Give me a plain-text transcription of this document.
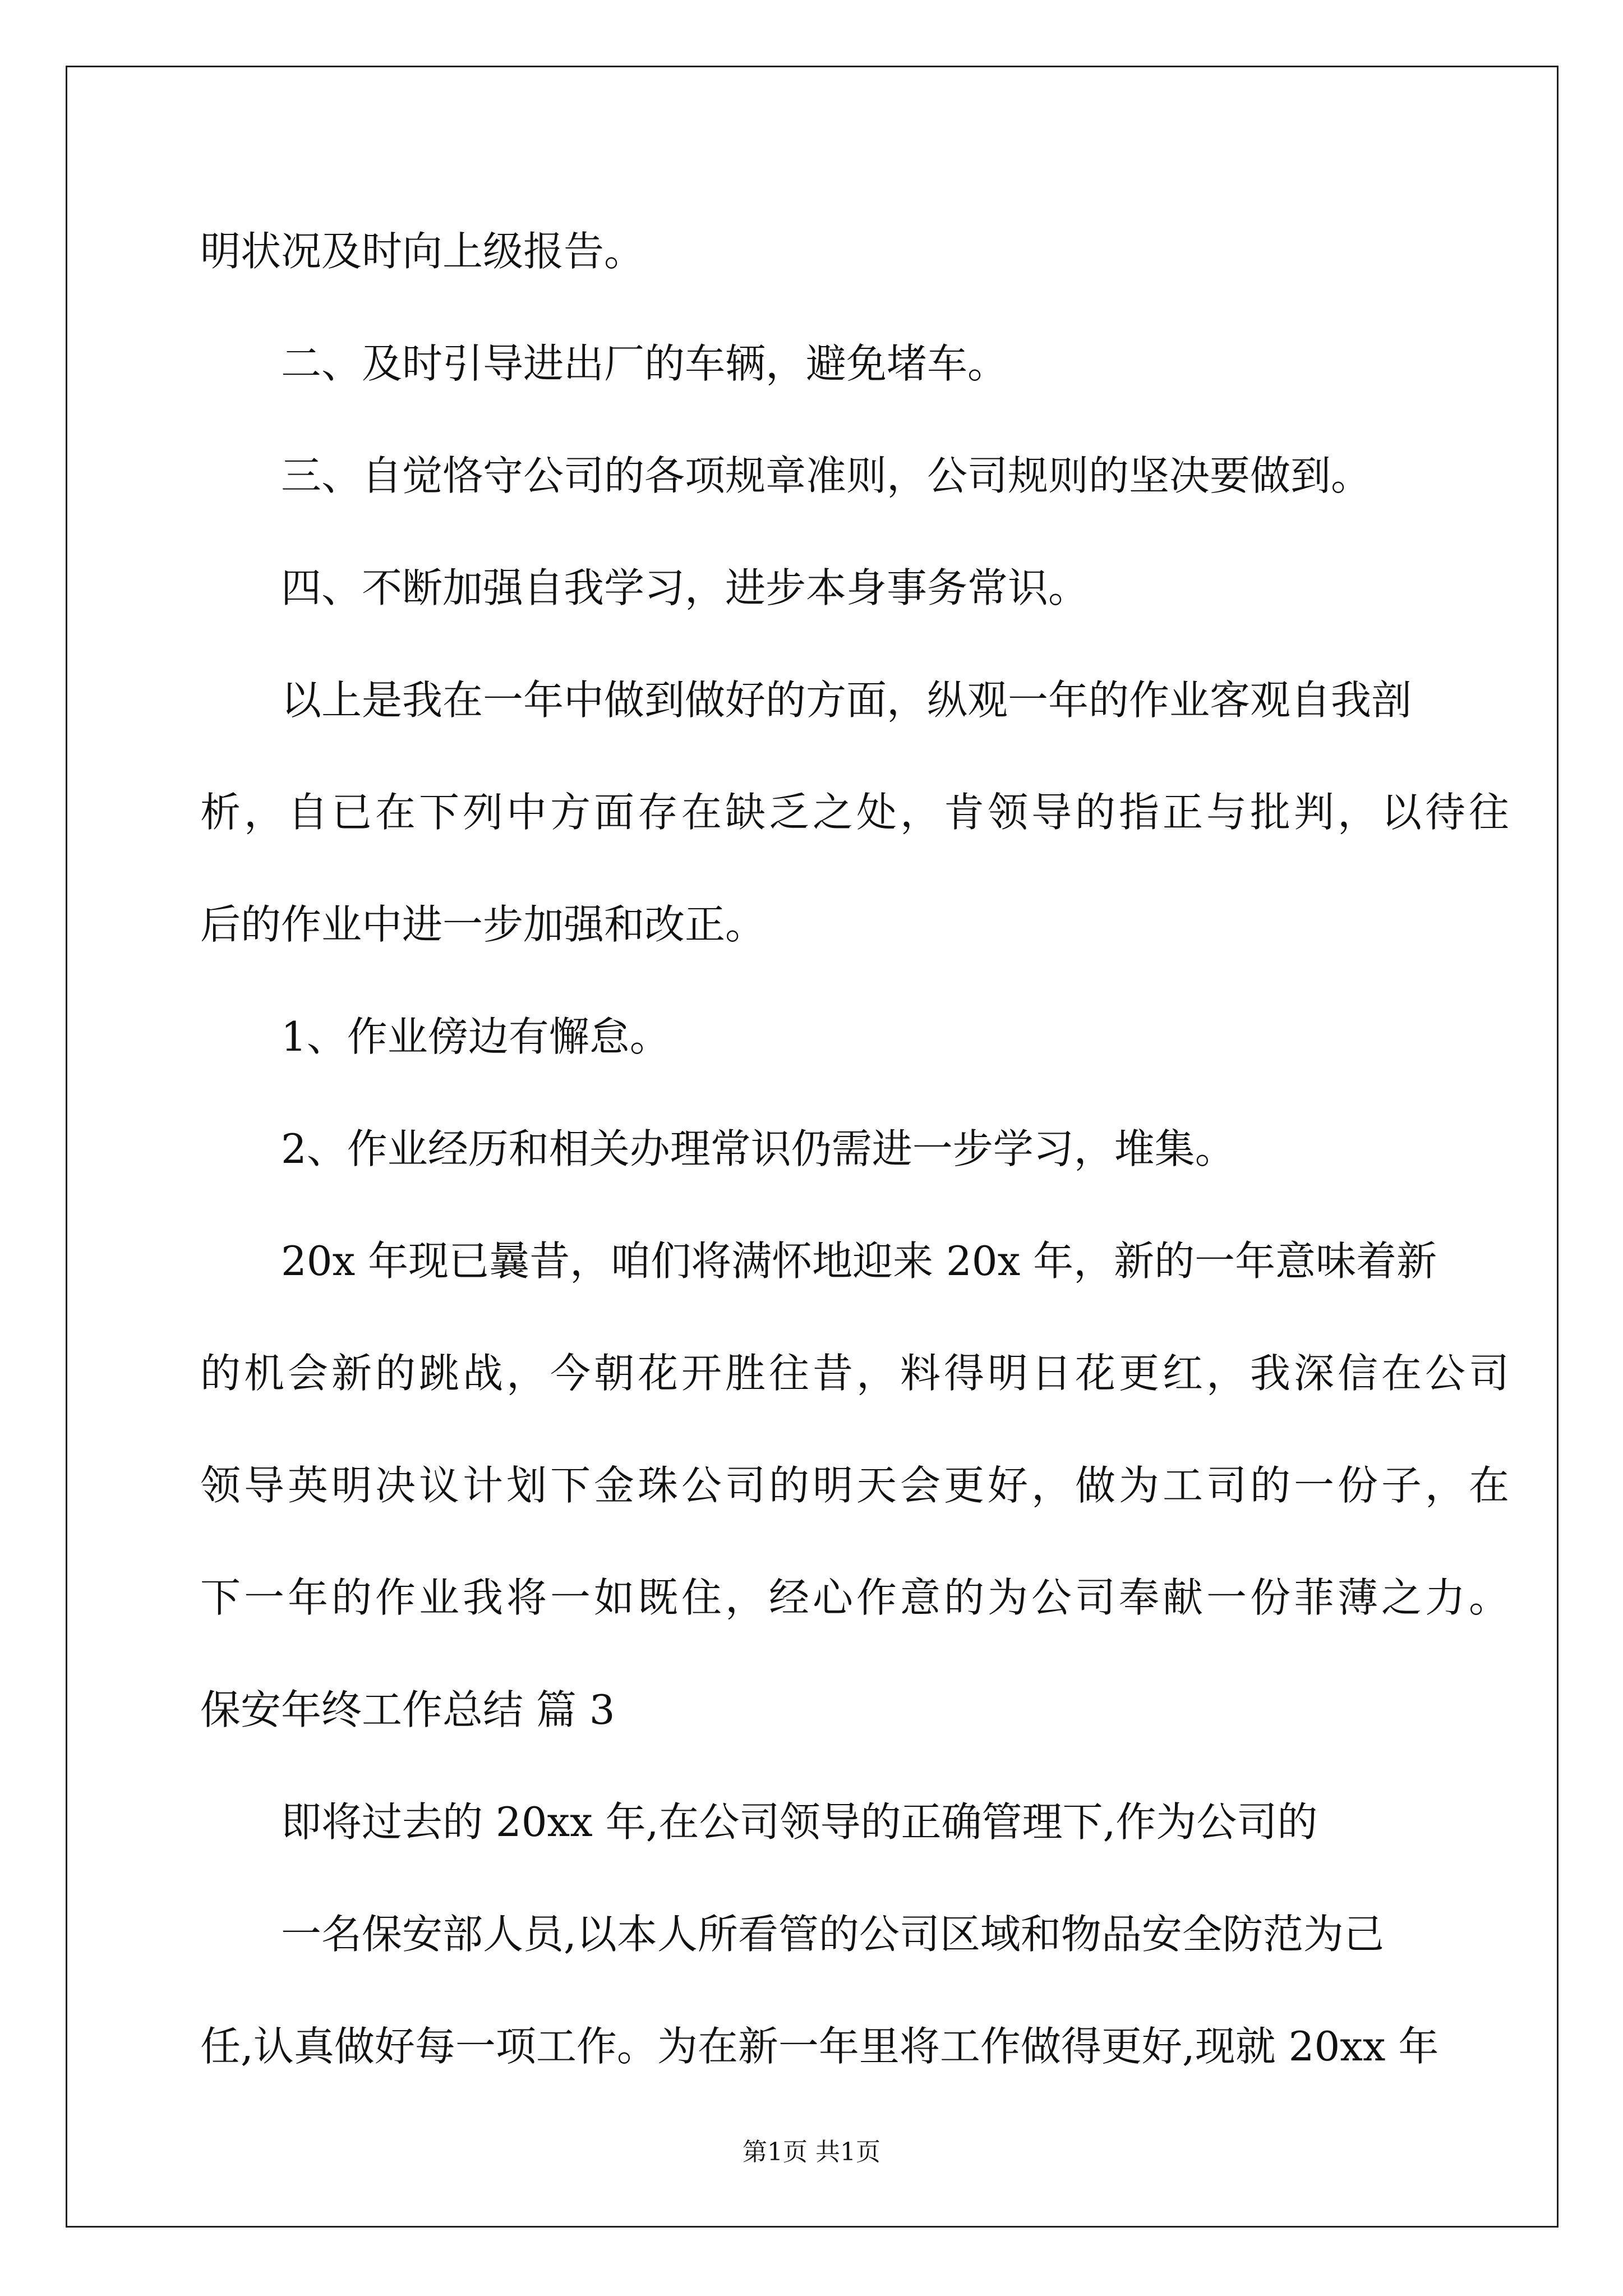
明状况及时向上级报告。
二、及时引导进出厂的车辆，避免堵车。
三、自觉恪守公司的各项规章准则，公司规则的坚决要做到。
四、不断加强自我学习，进步本身事务常识。
以上是我在一年中做到做好的方面，纵观一年的作业客观自我剖
析，自已在下列中方面存在缺乏之处，肯领导的指正与批判，以待往
后的作业中进一步加强和改正。
1、作业傍边有懈怠。
2、作业经历和相关办理常识仍需进一步学习，堆集。
20x 年现已曩昔，咱们将满怀地迎来 20x 年，新的一年意味着新
的机会新的跳战，今朝花开胜往昔，料得明日花更红，我深信在公司
领导英明决议计划下金珠公司的明天会更好，做为工司的一份子，在
下一年的作业我将一如既住，经心作意的为公司奉献一份菲薄之力。
保安年终工作总结 篇 3
即将过去的 20xx 年,在公司领导的正确管理下,作为公司的
一名保安部人员,以本人所看管的公司区域和物品安全防范为己
任,认真做好每一项工作。为在新一年里将工作做得更好,现就 20xx 年
第1页 共1页
